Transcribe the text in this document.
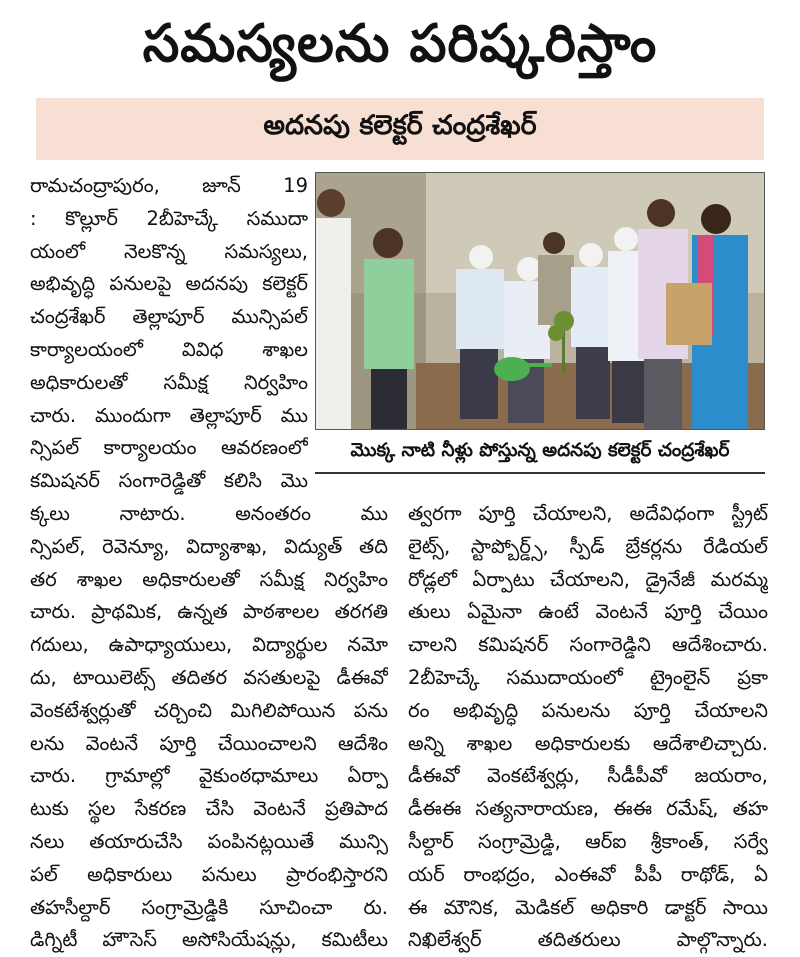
సమస్యలను పరిష్కరిస్తాం
అదనపు కలెక్టర్ చంద్రశేఖర్

రామచంద్రాపురం, జూన్ 19
: కొల్లూర్ 2బీహెచ్కే సముదా
యంలో నెలకొన్న సమస్యలు,
అభివృద్ధి పనులపై అదనపు కలెక్టర్
చంద్రశేఖర్ తెల్లాపూర్ మున్సిపల్
కార్యాలయంలో వివిధ శాఖల
అధికారులతో సమీక్ష నిర్వహిం
చారు. ముందుగా తెల్లాపూర్ ము
న్సిపల్ కార్యాలయం ఆవరణంలో
కమిషనర్ సంగారెడ్డితో కలిసి మొ

మొక్క నాటి నీళ్లు పోస్తున్న అదనపు కలెక్టర్ చంద్రశేఖర్

క్కలు నాటారు. అనంతరం ము
న్సిపల్, రెవెన్యూ, విద్యాశాఖ, విద్యుత్ తది
తర శాఖల అధికారులతో సమీక్ష నిర్వహిం
చారు. ప్రాథమిక, ఉన్నత పాఠశాలల తరగతి
గదులు, ఉపాధ్యాయులు, విద్యార్థుల నమో
దు, టాయిలెట్స్ తదితర వసతులపై డీఈవో
వెంకటేశ్వర్లుతో చర్చించి మిగిలిపోయిన పను
లను వెంటనే పూర్తి చేయించాలని ఆదేశిం
చారు. గ్రామాల్లో వైకుంఠధామాలు ఏర్పా
టుకు స్థల సేకరణ చేసి వెంటనే ప్రతిపాద
నలు తయారుచేసి పంపినట్లయితే మున్సి
పల్ అధికారులు పనులు ప్రారంభిస్తారని
తహసీల్దార్ సంగ్రామ్రెడ్డికి సూచించా రు.
డిగ్నిటీ హౌసెస్ అసోసియేషన్లు, కమిటీలు

త్వరగా పూర్తి చేయాలని, అదేవిధంగా స్ట్రీట్
లైట్స్, స్టాప్బోర్డ్స్, స్పీడ్ బ్రేకర్లను రేడియల్
రోడ్లలో ఏర్పాటు చేయాలని, డ్రైనేజీ మరమ్మ
తులు ఏమైనా ఉంటే వెంటనే పూర్తి చేయిం
చాలని కమిషనర్ సంగారెడ్డిని ఆదేశించారు.
2బీహెచ్కే సముదాయంలో ట్రైంలైన్ ప్రకా
రం అభివృద్ధి పనులను పూర్తి చేయాలని
అన్ని శాఖల అధికారులకు ఆదేశాలిచ్చారు.
డీఈవో వెంకటేశ్వర్లు, సీడీపీవో జయరాం,
డీఈఈ సత్యనారాయణ, ఈఈ రమేష్, తహ
సీల్దార్ సంగ్రామ్రెడ్డి, ఆర్ఐ శ్రీకాంత్, సర్వే
యర్ రాంభద్రం, ఎంఈవో పీపీ రాథోడ్, ఏ
ఈ మౌనిక, మెడికల్ అధికారి డాక్టర్ సాయి
నిఖిలేశ్వర్ తదితరులు పాల్గొన్నారు.
